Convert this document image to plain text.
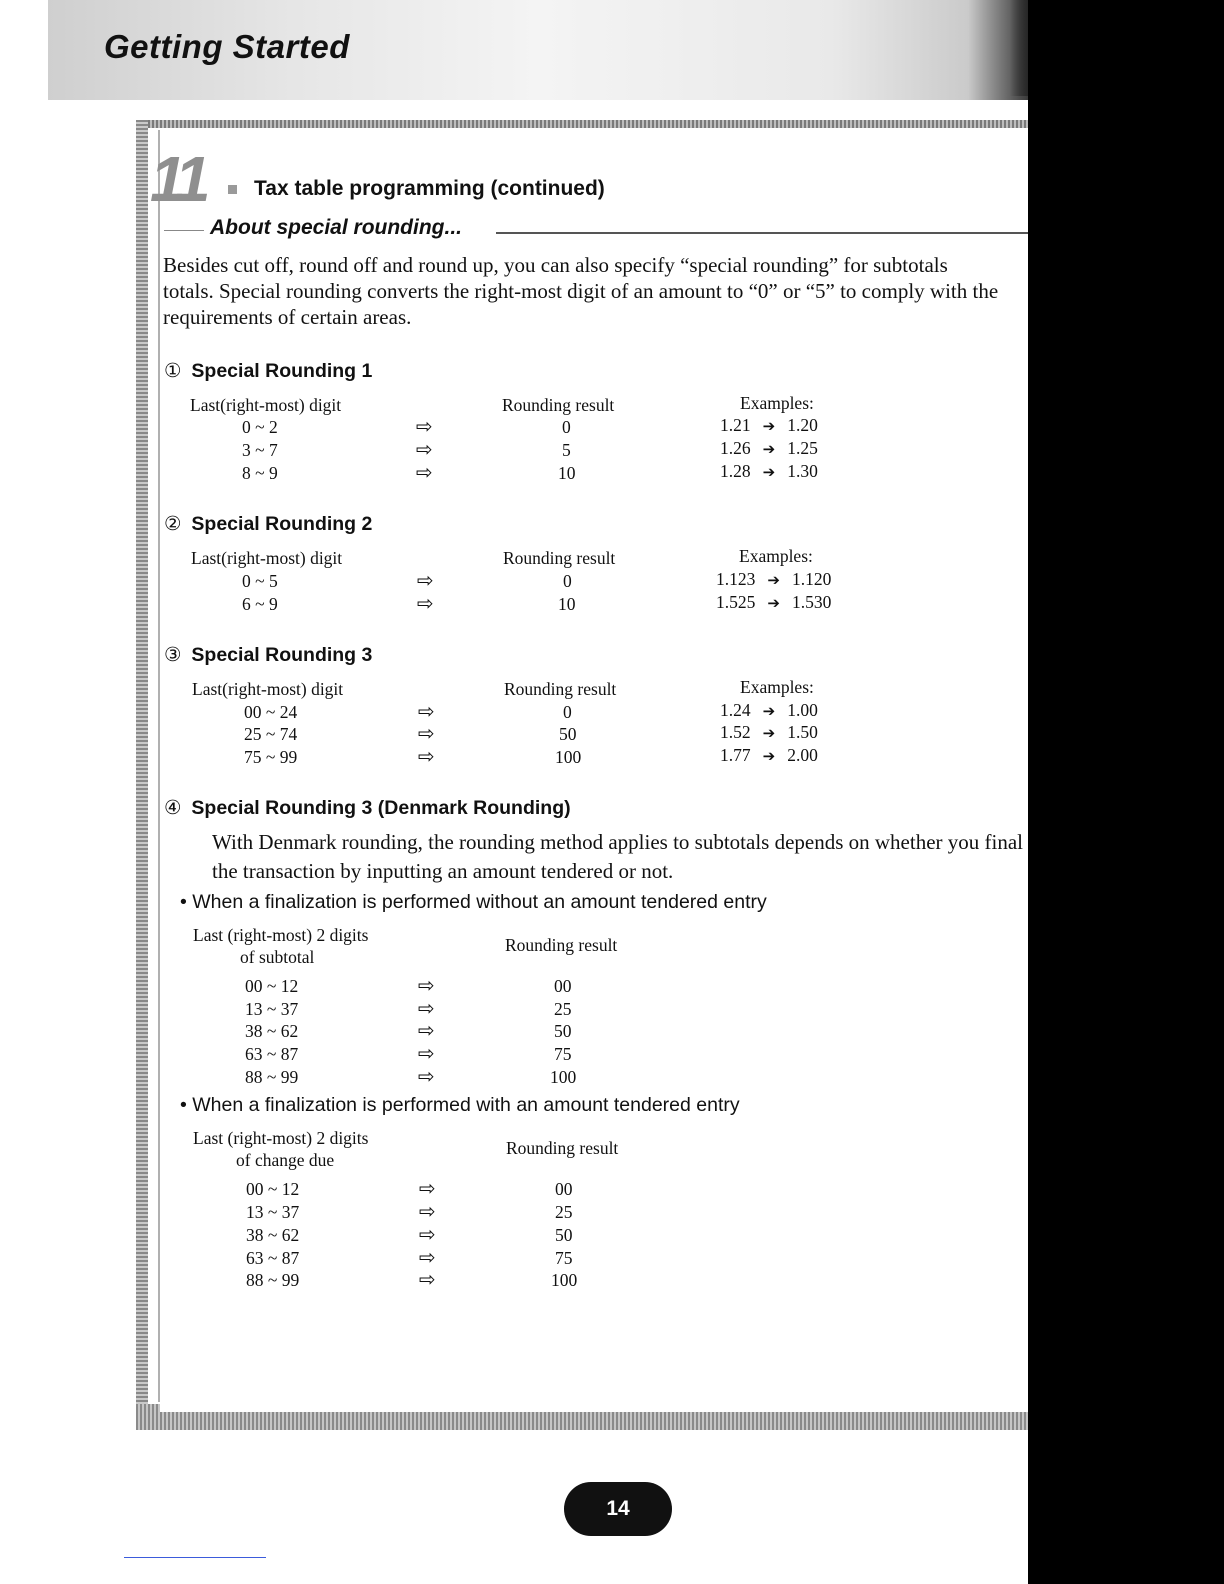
Getting Started
11 Tax table programming (continued)
About special rounding...
Besides cut off, round off and round up, you can also specify “special rounding” for subtotals
totals. Special rounding converts the right-most digit of an amount to “0” or “5” to comply with the
requirements of certain areas.
① Special Rounding 1
Last(right-most) digit	Rounding result	Examples:
0 ~ 2	⇨	0	1.21 ➔ 1.20
3 ~ 7	⇨	5	1.26 ➔ 1.25
8 ~ 9	⇨	10	1.28 ➔ 1.30
② Special Rounding 2
Last(right-most) digit	Rounding result	Examples:
0 ~ 5	⇨	0	1.123 ➔ 1.120
6 ~ 9	⇨	10	1.525 ➔ 1.530
③ Special Rounding 3
Last(right-most) digit	Rounding result	Examples:
00 ~ 24	⇨	0	1.24 ➔ 1.00
25 ~ 74	⇨	50	1.52 ➔ 1.50
75 ~ 99	⇨	100	1.77 ➔ 2.00
④ Special Rounding 3 (Denmark Rounding)
With Denmark rounding, the rounding method applies to subtotals depends on whether you final
the transaction by inputting an amount tendered or not.
• When a finalization is performed without an amount tendered entry
Last (right-most) 2 digits
of subtotal
Rounding result
00 ~ 12	⇨	00
13 ~ 37	⇨	25
38 ~ 62	⇨	50
63 ~ 87	⇨	75
88 ~ 99	⇨	100
• When a finalization is performed with an amount tendered entry
Last (right-most) 2 digits
of change due
Rounding result
00 ~ 12	⇨	00
13 ~ 37	⇨	25
38 ~ 62	⇨	50
63 ~ 87	⇨	75
88 ~ 99	⇨	100
14
